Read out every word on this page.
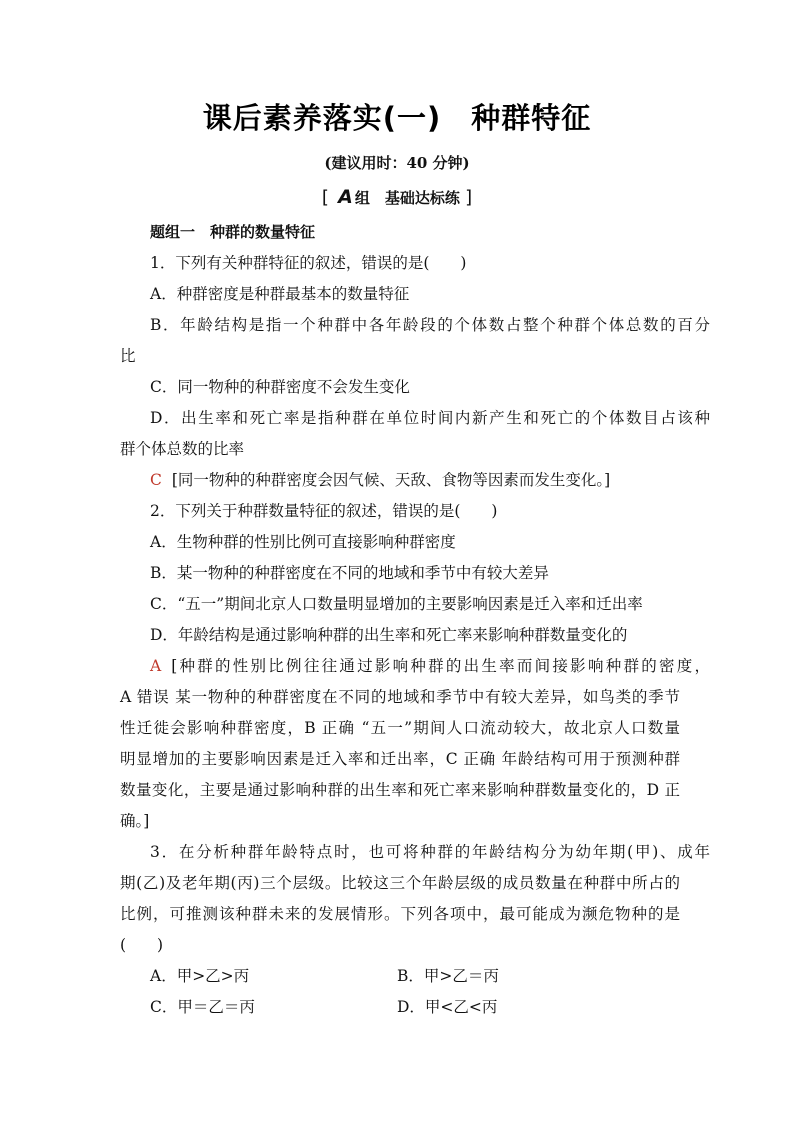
课后素养落实(一) 种群特征
(建议用时：40 分钟)
[ A 组　基础达标练 ]
题组一　种群的数量特征
1．下列有关种群特征的叙述，错误的是(　　)
A．种群密度是种群最基本的数量特征
B．年龄结构是指一个种群中各年龄段的个体数占整个种群个体总数的百分
比
C．同一物种的种群密度不会发生变化
D．出生率和死亡率是指种群在单位时间内新产生和死亡的个体数目占该种
群个体总数的比率
C [同一物种的种群密度会因气候、天敌、食物等因素而发生变化。]
2．下列关于种群数量特征的叙述，错误的是(　　)
A．生物种群的性别比例可直接影响种群密度
B．某一物种的种群密度在不同的地域和季节中有较大差异
C．“五一”期间北京人口数量明显增加的主要影响因素是迁入率和迁出率
D．年龄结构是通过影响种群的出生率和死亡率来影响种群数量变化的
A [种群的性别比例往往通过影响种群的出生率而间接影响种群的密度，
A 错误 某一物种的种群密度在不同的地域和季节中有较大差异，如鸟类的季节
性迁徙会影响种群密度，B 正确 “五一”期间人口流动较大，故北京人口数量
明显增加的主要影响因素是迁入率和迁出率，C 正确 年龄结构可用于预测种群
数量变化，主要是通过影响种群的出生率和死亡率来影响种群数量变化的，D 正
确。]
3．在分析种群年龄特点时，也可将种群的年龄结构分为幼年期(甲)、成年
期(乙)及老年期(丙)三个层级。比较这三个年龄层级的成员数量在种群中所占的
比例，可推测该种群未来的发展情形。下列各项中，最可能成为濒危物种的是
(　　)
A．甲>乙>丙	B．甲>乙＝丙
C．甲＝乙＝丙	D．甲<乙<丙
